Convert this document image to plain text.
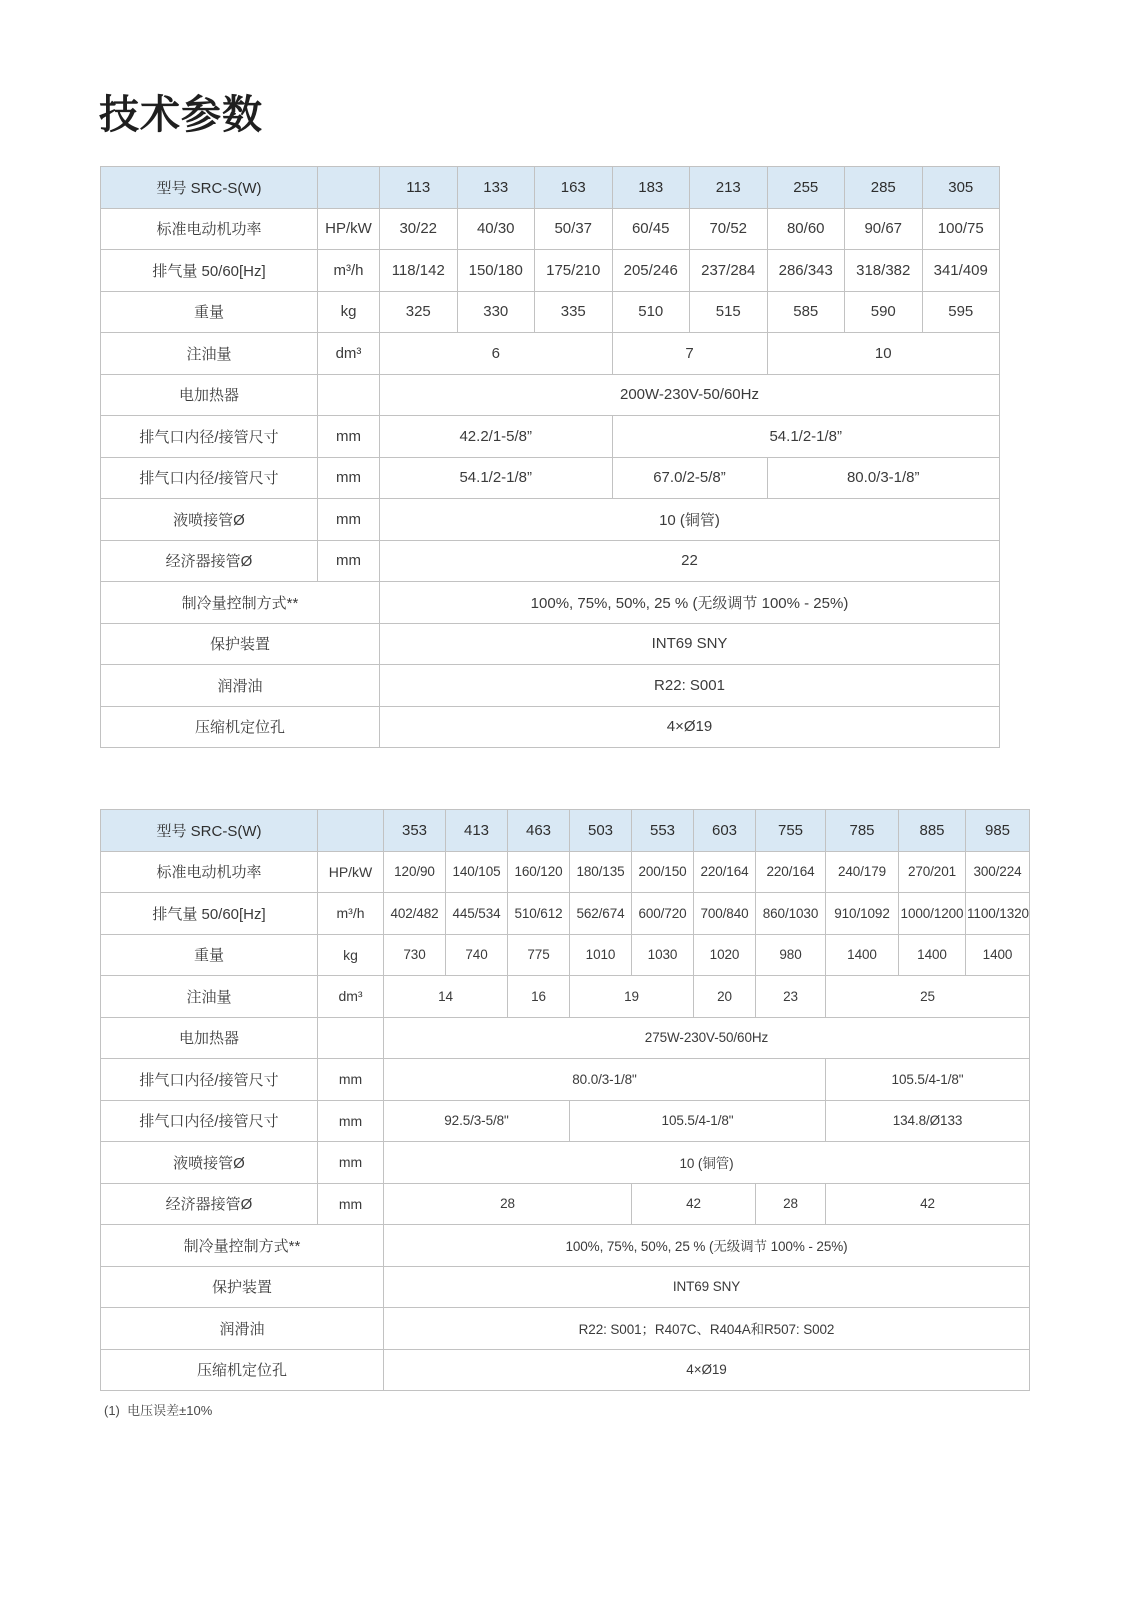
技术参数
型号 SRC-S(W)		113	133	163	183	213	255	285	305
标准电动机功率	HP/kW	30/22	40/30	50/37	60/45	70/52	80/60	90/67	100/75
排气量 50/60[Hz]	m³/h	118/142	150/180	175/210	205/246	237/284	286/343	318/382	341/409
重量	kg	325	330	335	510	515	585	590	595
注油量	dm³	6			7		10		
电加热器		200W-230V-50/60Hz							
排气口内径/接管尺寸	mm	42.2/1-5/8”			54.1/2-1/8”				
排气口内径/接管尺寸	mm	54.1/2-1/8”			67.0/2-5/8”		80.0/3-1/8”		
液喷接管Ø	mm	10 (铜管)							
经济器接管Ø	mm	22							
制冷量控制方式**		100%, 75%, 50%, 25 % (无级调节 100% - 25%)							
保护装置		INT69 SNY							
润滑油		R22: S001							
压缩机定位孔		4×Ø19							
型号 SRC-S(W)		353	413	463	503	553	603	755	785	885	985
标准电动机功率	HP/kW	120/90	140/105	160/120	180/135	200/150	220/164	220/164	240/179	270/201	300/224
排气量 50/60[Hz]	m³/h	402/482	445/534	510/612	562/674	600/720	700/840	860/1030	910/1092	1000/1200	1100/1320
重量	kg	730	740	775	1010	1030	1020	980	1400	1400	1400
注油量	dm³	14		16	19		20	23	25		
电加热器		275W-230V-50/60Hz									
排气口内径/接管尺寸	mm	80.0/3-1/8"							105.5/4-1/8"		
排气口内径/接管尺寸	mm	92.5/3-5/8"			105.5/4-1/8"				134.8/Ø133		
液喷接管Ø	mm	10 (铜管)									
经济器接管Ø	mm	28				42		28	42		
制冷量控制方式**		100%, 75%, 50%, 25 % (无级调节 100% - 25%)									
保护装置		INT69 SNY									
润滑油		R22: S001；R407C、R404A和R507: S002									
压缩机定位孔		4×Ø19									
(1)  电压误差±10%
